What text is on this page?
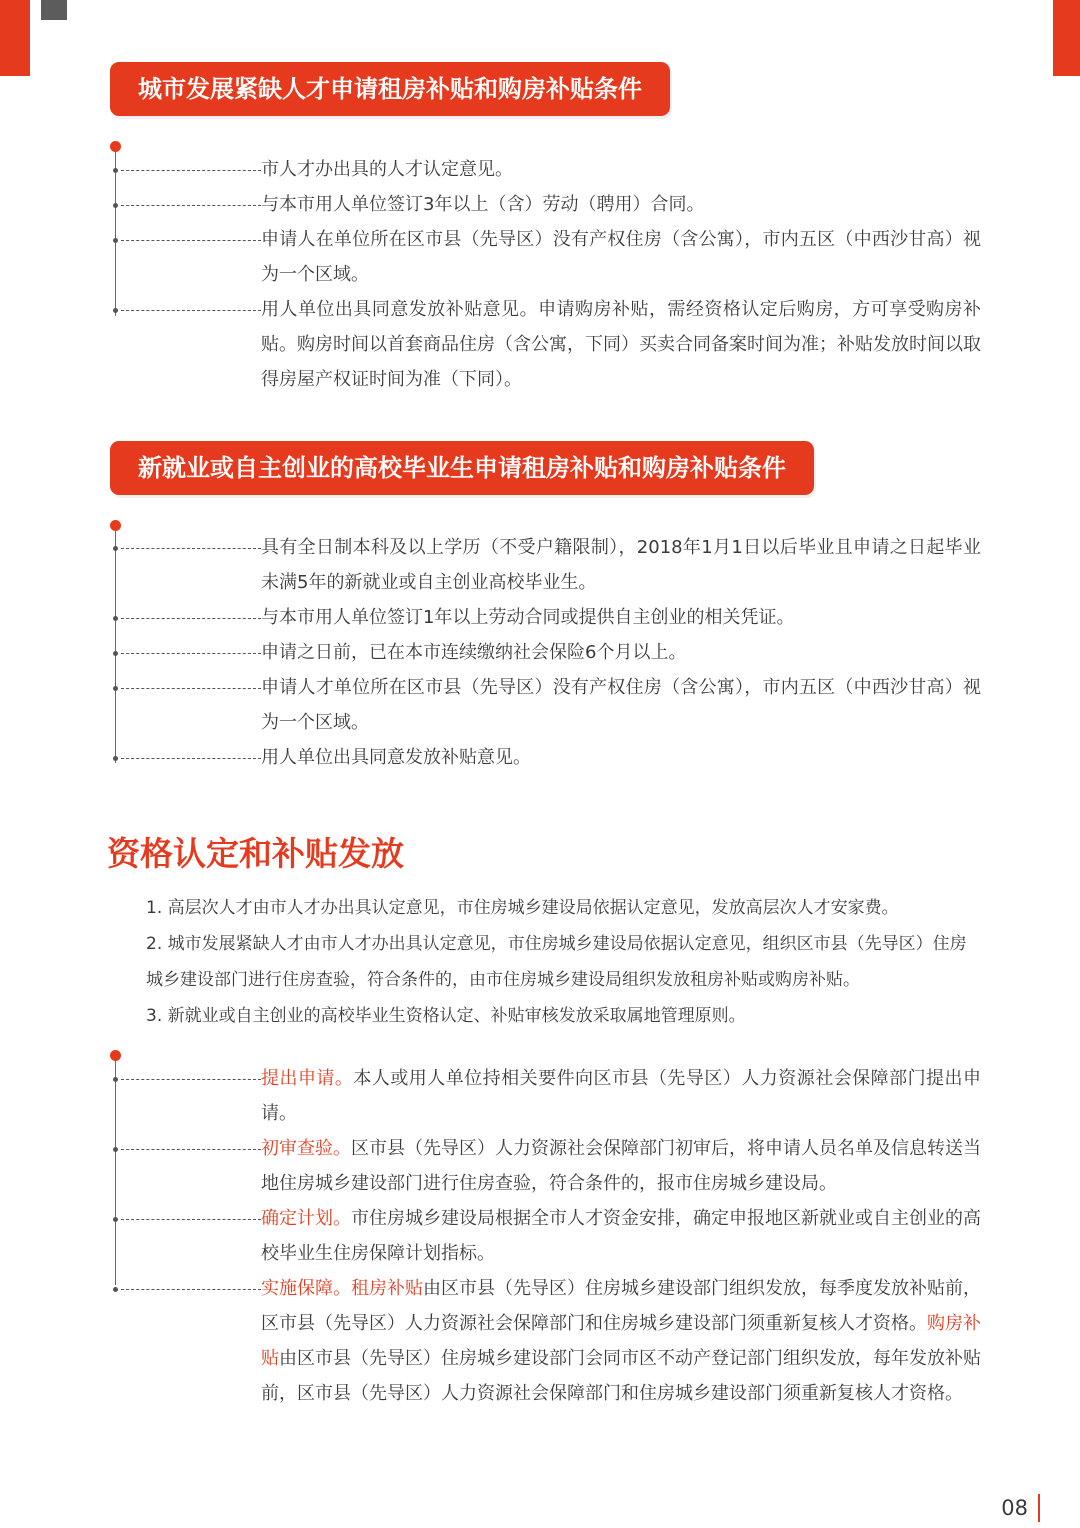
城市发展紧缺人才申请租房补贴和购房补贴条件
市人才办出具的人才认定意见。
与本市用人单位签订3年以上（含）劳动（聘用）合同。
申请人在单位所在区市县（先导区）没有产权住房（含公寓），市内五区（中西沙甘高）视为一个区域。
用人单位出具同意发放补贴意见。申请购房补贴，需经资格认定后购房，方可享受购房补贴。购房时间以首套商品住房（含公寓，下同）买卖合同备案时间为准；补贴发放时间以取得房屋产权证时间为准（下同）。
新就业或自主创业的高校毕业生申请租房补贴和购房补贴条件
具有全日制本科及以上学历（不受户籍限制），2018年1月1日以后毕业且申请之日起毕业未满5年的新就业或自主创业高校毕业生。
与本市用人单位签订1年以上劳动合同或提供自主创业的相关凭证。
申请之日前，已在本市连续缴纳社会保险6个月以上。
申请人才单位所在区市县（先导区）没有产权住房（含公寓），市内五区（中西沙甘高）视为一个区域。
用人单位出具同意发放补贴意见。
资格认定和补贴发放

1. 高层次人才由市人才办出具认定意见，市住房城乡建设局依据认定意见，发放高层次人才安家费。

2. 城市发展紧缺人才由市人才办出具认定意见，市住房城乡建设局依据认定意见，组织区市县（先导区）住房城乡建设部门进行住房查验，符合条件的，由市住房城乡建设局组织发放租房补贴或购房补贴。

3. 新就业或自主创业的高校毕业生资格认定、补贴审核发放采取属地管理原则。

提出申请。本人或用人单位持相关要件向区市县（先导区）人力资源社会保障部门提出申请。
初审查验。区市县（先导区）人力资源社会保障部门初审后，将申请人员名单及信息转送当地住房城乡建设部门进行住房查验，符合条件的，报市住房城乡建设局。
确定计划。市住房城乡建设局根据全市人才资金安排，确定申报地区新就业或自主创业的高校毕业生住房保障计划指标。
实施保障。租房补贴由区市县（先导区）住房城乡建设部门组织发放，每季度发放补贴前，区市县（先导区）人力资源社会保障部门和住房城乡建设部门须重新复核人才资格。购房补贴由区市县（先导区）住房城乡建设部门会同市区不动产登记部门组织发放，每年发放补贴前，区市县（先导区）人力资源社会保障部门和住房城乡建设部门须重新复核人才资格。
08
